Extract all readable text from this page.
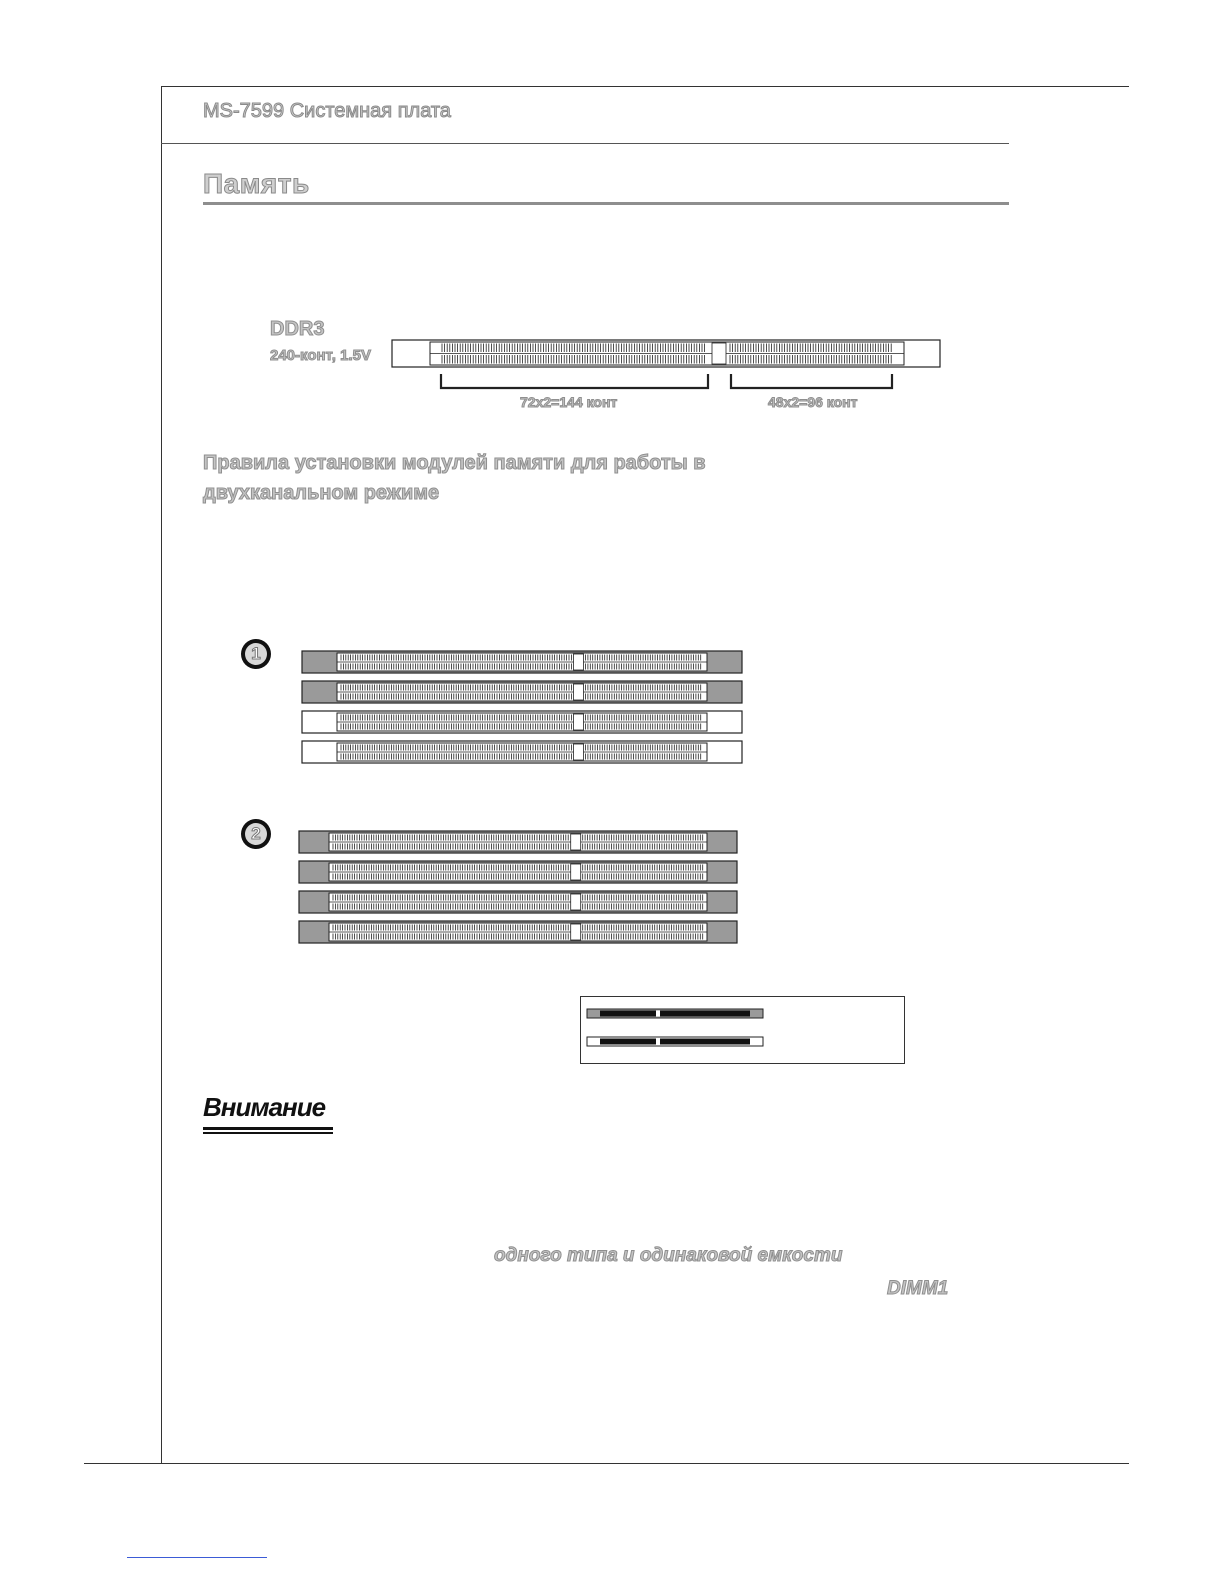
MS-7599 Системная плата
Память
DDR3
240-конт, 1.5V
72x2=144 конт	48x2=96 конт
Правила установки модулей памяти для работы в двухканальном режиме
1
2
Внимание
одного типа и одинаковой емкости
DIMM1
